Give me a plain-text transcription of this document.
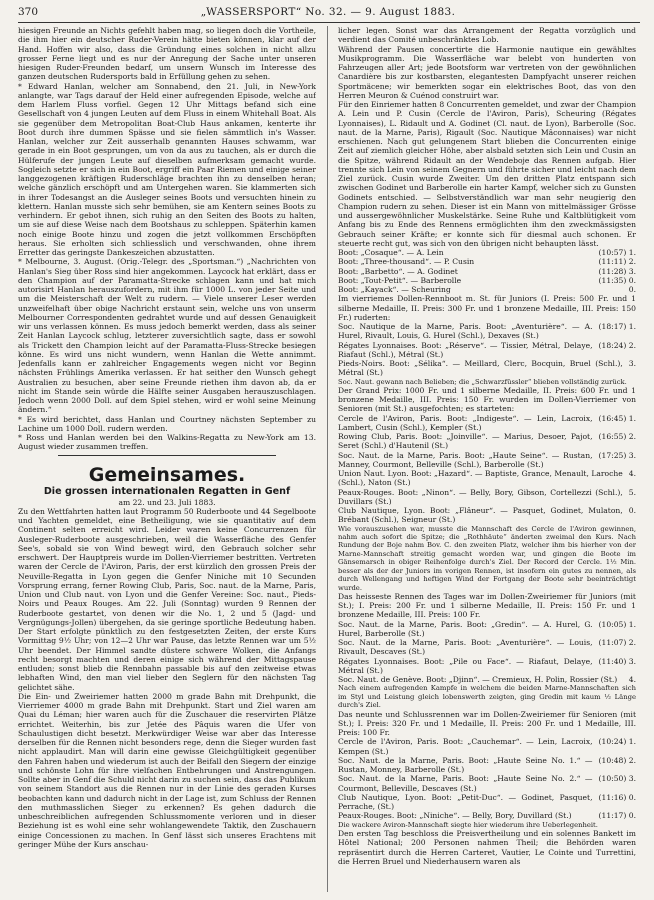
370	„WASSERSPORT“ No. 32. — 9. August 1883.

hiesigen Freunde an Nichts gefehlt haben mag, so liegen doch die Vortheile, die ihm hier ein deutscher Ruder-Verein hätte bieten können, klar auf der Hand. Hoffen wir also, dass die Gründung eines solchen in nicht allzu grosser Ferne liegt und es nur der Anregung der Sache unter unseren hiesigen Ruder-Freunden bedarf, um unsern Wunsch im Interesse des ganzen deutschen Rudersports bald in Erfüllung gehen zu sehen.

* Edward Hanlan, welcher am Sonnabend, den 21. Juli, in New-York anlangte, war Tags darauf der Held einer aufregenden Episode, welche auf dem Harlem Fluss vorfiel. Gegen 12 Uhr Mittags befand sich eine Gesellschaft von 4 jungen Leuten auf dem Fluss in einem Whitehall Boat. Als sie gegenüber dem Metropolitan Boat-Club Haus ankamen, kenterte ihr Boot durch ihre dummen Spässe und sie fielen sämmtlich in's Wasser. Hanlan, welcher zur Zeit ausserhalb genannten Hauses schwamm, war gerade in ein Boot gesprungen, um von da aus zu tauchen, als er durch die Hülferufe der jungen Leute auf dieselben aufmerksam gemacht wurde. Sogleich setzte er sich in ein Boot, ergriff ein Paar Riemen und einige seiner langgezogenen kräftigen Ruderschläge brachten ihn zu denselben heran; welche gänzlich erschöpft und am Untergehen waren. Sie klammerten sich in ihrer Todesangst an die Ausleger seines Boots und versuchten hinein zu klettern. Hanlan musste sich sehr bemühen, sie am Kentern seines Boots zu verhindern. Er gebot ihnen, sich ruhig an den Seiten des Boots zu halten, um sie auf diese Weise nach dem Bootshaus zu schleppen. Späterhin kamen noch einige Boote hinzu und zogen die jetzt vollkommen Erschöpften heraus. Sie erholten sich schliesslich und verschwanden, ohne ihrem Erretter das geringste Dankeszeichen abzustatten.

* Melbourne, 3. August. (Orig.-Telegr. des „Sportsman.“) „Nachrichten von Hanlan's Sieg über Ross sind hier angekommen. Laycock hat erklärt, dass er den Champion auf der Paramatta-Strecke schlagen kann und hat mich autorisirt Hanlan herauszufordern, mit ihm für 1000 L. von jeder Seite und um die Meisterschaft der Welt zu rudern. — Viele unserer Leser werden unzweifelhaft über obige Nachricht erstaunt sein, welche uns von unserm Melbourner Correspondenten gedrahtet wurde und auf dessen Genauigkeit wir uns verlassen können. Es muss jedoch bemerkt werden, dass als seiner Zeit Hanlan Laycock schlug, letzterer zuversichtlich sagte, dass er sowohl als Trickett den Champion leicht auf der Paramatta-Fluss-Strecke besiegen könne. Es wird uns nicht wundern, wenn Hanlan die Wette annimmt. Jedenfalls kann er zahlreicher Engagements wegen nicht vor Beginn nächsten Frühlings Amerika verlassen. Er hat seither den Wunsch gehegt Australien zu besuchen, aber seine Freunde riethen ihm davon ab, da er nicht im Stande sein würde die Hälfte seiner Ausgaben herauszuschlagen. Jedoch wenn 2000 Doll. auf dem Spiel stehen, wird er wohl seine Meinung ändern.“

* Es wird berichtet, dass Hanlan und Courtney nächsten September zu Lachine um 1000 Doll. rudern werden.

* Ross und Hanlan werden bei den Walkins-Regatta zu New-York am 13. August wieder zusammen treffen.

Gemeinsames.
Die grossen internationalen Regatten in Genf
am 22. und 23. Juli 1883.

Zu den Wettfahrten hatten laut Programm 50 Ruderboote und 44 Segelboote und Yachten gemeldet, eine Betheiligung, wie sie quantitativ auf dem Continent selten erreicht wird. Leider waren keine Concurrenzen für Ausleger-Ruderboote ausgeschrieben, weil die Wasserfläche des Genfer See's, sobald sie von Wind bewegt wird, den Gebrauch solcher sehr erschwert. Der Hauptpreis wurde im Dollen-Vierriemer bestritten. Vertreten waren der Cercle de l'Aviron, Paris, der erst kürzlich den grossen Preis der Neuville-Regatta in Lyon gegen die Genfer Niniche mit 10 Secunden Vorsprung errang, ferner Rowing Club, Paris, Soc. naut. de la Marne, Paris, Union und Club naut. von Lyon und die Genfer Vereine: Soc. naut., Pieds-Noirs und Peaux Rouges. Am 22. Juli (Sonntag) wurden 9 Rennen der Ruderboote gestartet, von denen wir die No. 1, 2 und 5 (Jagd- und Vergnügungs-Jollen) übergehen, da sie geringe sportliche Bedeutung haben. Der Start erfolgte pünktlich zu den festgesetzten Zeiten, der erste Kurs Vormittag 9½ Uhr; von 12—2 Uhr war Pause, das letzte Rennen war um 5½ Uhr beendet. Der Himmel sandte düstere schwere Wolken, die Anfangs recht besorgt machten und deren einige sich während der Mittagspause entluden; sonst blieb die Rennbahn passable bis auf den zeitweise etwas lebhaften Wind, den man viel lieber den Seglern für den nächsten Tag gelichtet sähe.

Die Ein- und Zweiriemer hatten 2000 m grade Bahn mit Drehpunkt, die Vierriemer 4000 m grade Bahn mit Drehpunkt. Start und Ziel waren am Quai du Léman; hier waren auch für die Zuschauer die reservirten Plätze errichtet. Weiterhin, bis zur Jetée des Pâquis waren die Ufer von Schaulustigen dicht besetzt. Merkwürdiger Weise war aber das Interesse derselben für die Rennen nicht besonders rege, denn die Sieger wurden fast nicht applaudirt. Man will darin eine gewisse Gleichgültigkeit gegenüber den Fahren haben und wiederum ist auch der Beifall den Siegern der einzige und schönste Lohn für ihre vielfachen Entbehrungen und Anstrengungen. Sollte aber in Genf die Schuld nicht darin zu suchen sein, dass das Publikum von seinem Standort aus die Rennen nur in der Linie des geraden Kurses beobachten kann und dadurch nicht in der Lage ist, zum Schluss der Rennen den muthmasslichen Sieger zu erkennen? Es gehen dadurch die unbeschreiblichen aufregenden Schlussmomente verloren und in dieser Beziehung ist es wohl eine sehr wohlangewendete Taktik, den Zuschauern einige Concessionen zu machen. In Genf lässt sich unseres Erachtens mit geringer Mühe der Kurs anschau-

licher legen. Sonst war das Arrangement der Regatta vorzüglich und verdient das Comité unbeschränktes Lob.

Während der Pausen concertirte die Harmonie nautique ein gewähltes Musikprogramm. Die Wasserfläche war belebt von hunderten von Fahrzeugen aller Art; jede Bootsform war vertreten von der gewöhnlichen Canardière bis zur kostbarsten, elegantesten Dampfyacht unserer reichen Sportmäcene; wir bemerkten sogar ein elektrisches Boot, das von den Herren Meuron & Cuénod construirt war.

Für den Einriemer hatten 8 Concurrenten gemeldet, und zwar der Champion A. Lein und P. Cusin (Cercle de l'Aviron, Paris), Scheuring (Régates Lyonnaises), L. Ridault und A. Godinet (Cl. naut. de Lyon), Barberolle (Soc. naut. de la Marne, Paris), Rigault (Soc. Nautique Mâconnaises) war nicht erschienen. Nach gut gelungenem Start blieben die Concurrenten einige Zeit auf ziemlich gleicher Höhe, aber alsbald setzten sich Lein und Cusin an die Spitze, während Ridault an der Wendeboje das Rennen aufgab. Hier trennte sich Lein von seinem Gegnern und führte sicher und leicht nach dem Ziel zurück. Cusin wurde Zweiter. Um den dritten Platz entspann sich zwischen Godinet und Barberolle ein harter Kampf, welcher sich zu Gunsten Godinets entschied. — Selbstverständlich war man sehr neugierig den Champion rudern zu sehen. Dieser ist ein Mann von mittelmässiger Grösse und aussergewöhnlicher Muskelstärke. Seine Ruhe und Kaltblütigkeit vom Anfang bis zu Ende des Rennens ermöglichten ihm den zweckmässigsten Gebrauch seiner Kräfte; er konnte sich für diesmal auch schonen. Er steuerte recht gut, was sich von den übrigen nicht behaupten lässt.

Boot: „Cosaque“. — A. Lein	(10:57) 1.
Boot: „Three-thousand“. — P. Cusin	(11:11) 2.
Boot: „Barbetto“. — A. Godinet	(11:28) 3.
Boot: „Tout-Petit“. — Barberolle	(11:35) 0.
Boot: „Kayack“. — Scheuring	0.

Im vierriemes Dollen-Rennboot m. St. für Juniors (I. Preis: 500 Fr. und 1 silberne Medaille, II. Preis: 300 Fr. und 1 bronzene Medaille, III. Preis: 150 Fr.) ruderten:

Soc. Nautique de la Marne, Paris. Boot: „Aventurière“. — A. Hurel, Rivault, Louis, G. Hurel (Schl.), Dexaves (St.)
(18:17) 1.
Régates Lyonnaises. Boot: „Réserve“. — Tissier, Métral, Delaye, Riafaut (Schl.), Métral (St.)
(18:24) 2.
Pieds-Noirs. Boot: „Sélika“. — Meillard, Clerc, Bocquin, Bruel (Schl.), Métral (St.)
3.

Soc. Naut. gewann nach Belieben; die „Schwarzfüssler“ blieben vollständig zurück.

Der Grand Prix: 1000 Fr. und 1 silberne Medaille, II. Preis: 600 Fr. und 1 bronzene Medaille, III. Preis: 150 Fr. wurden im Dollen-Vierriemer von Senioren (mit St.) ausgefochten; es starteten:

Cercle de l'Aviron, Paris. Boot: „Indigeste“. — Lein, Lacroix, Lambert, Cusin (Schl.), Kempler (St.)
(16:45) 1.
Rowing Club, Paris. Boot: „Joinville“. — Marius, Desoer, Pajot, Seret (Schl.) d'Hautenil (St.)
(16:55) 2.
Soc. Naut. de la Marne, Paris. Boot: „Haute Seine“. — Rustan, Manney, Courmont, Belleville (Schl.), Barberolle (St.)
(17:25) 3.
Union Naut. Lyon. Boot: „Hazard“. — Baptiste, Grance, Menault, Laroche (Schl.), Naton (St.)
4.
Peaux-Rouges. Boot: „Ninon“. — Belly, Bory, Gibson, Cortellezzi (Schl.), Duvillars (St.)
5.
Club Nautique, Lyon. Boot: „Flâneur“. — Pasquet, Godinet, Mulaton, Brébant (Schl.), Seigneur (St.)
0.

Wie vorauszusehen war, musste die Mannschaft des Cercle de l'Aviron gewinnen, nahm auch sofort die Spitze; die „Rothhäute“ änderten zweimal den Kurs. Nach Rundung der Boje nahm Bov. C. den zweiten Platz, welcher ihm bis hierher von der Marne-Mannschaft streitig gemacht worden war, und gingen die Boote im Gänsemarsch in obiger Reihenfolge durch's Ziel. Der Record der Cercle. 1½ Min. besser als der der Juniors im vorigen Rennen, ist insofern ein gutes zu nennen, als durch Wellengang und heftigen Wind der Fortgang der Boote sehr beeinträchtigt wurde.

Das heisseste Rennen des Tages war im Dollen-Zweiriemer für Juniors (mit St.); I. Preis: 200 Fr. und 1 silberne Medaille, II. Preis: 150 Fr. und 1 bronzene Medaille, III. Preis: 100 Fr.

Soc. Naut. de la Marne, Paris. Boot: „Gredin“. — A. Hurel, G. Hurel, Barberolle (St.)
(10:05) 1.
Soc. Naut. de la Marne, Paris. Boot: „Aventurière“. — Louis, Rivault, Descaves (St.)
(11:07) 2.
Régates Lyonnaises. Boot: „Pile ou Face“. — Riafaut, Delaye, Métral (St.)
(11:40) 3.
Soc. Naut. de Genève. Boot: „Djinn“. — Cremieux, H. Polin, Rossier (St.) 4.

Nach einem aufregenden Kampfe in welchem die beiden Marne-Mannschaften sich im Styl und Leistung gleich lobenswerth zeigten, ging Gredin mit kaum ½ Länge durch's Ziel.

Das neunte und Schlussrennen war im Dollen-Zweiriemer für Senioren (mit St.); I. Preis: 320 Fr. und 1 Medaille, II. Preis: 200 Fr. und 1 Medaille, III. Preis: 100 Fr.

Cercle de l'Aviron, Paris. Boot: „Cauchemar“. — Lein, Lacroix, Kempen (St.)
(10:24) 1.
Soc. Naut. de la Marne, Paris. Boot: „Haute Seine No. 1.“ — Rustan, Monney, Barberolle (St.)
(10:48) 2.
Soc. Naut. de la Marne, Paris. Boot: „Haute Seine No. 2.“ — Courmont, Belleville, Descaves (St.)
(10:50) 3.
Club Nautique, Lyon. Boot: „Petit-Duc“. — Godinet, Pasquet, Perrache, (St.)
(11:16) 0.
Peaux-Rouges. Boot: „Niniche“. — Belly, Bory, Duvillard (St.)	(11:17) 0.

Die wackere Aviron-Mannschaft siegte hier wiederum ihre Ueberlegenheit.

Den ersten Tag beschloss die Preisvertheilung und ein solennes Bankett im Hôtel National; 200 Personen nahmen Theil; die Behörden waren repräsentirt durch die Herren Carteret, Vautier, Le Cointe und Turrettini, die Herren Bruel und Niederhausern waren als
